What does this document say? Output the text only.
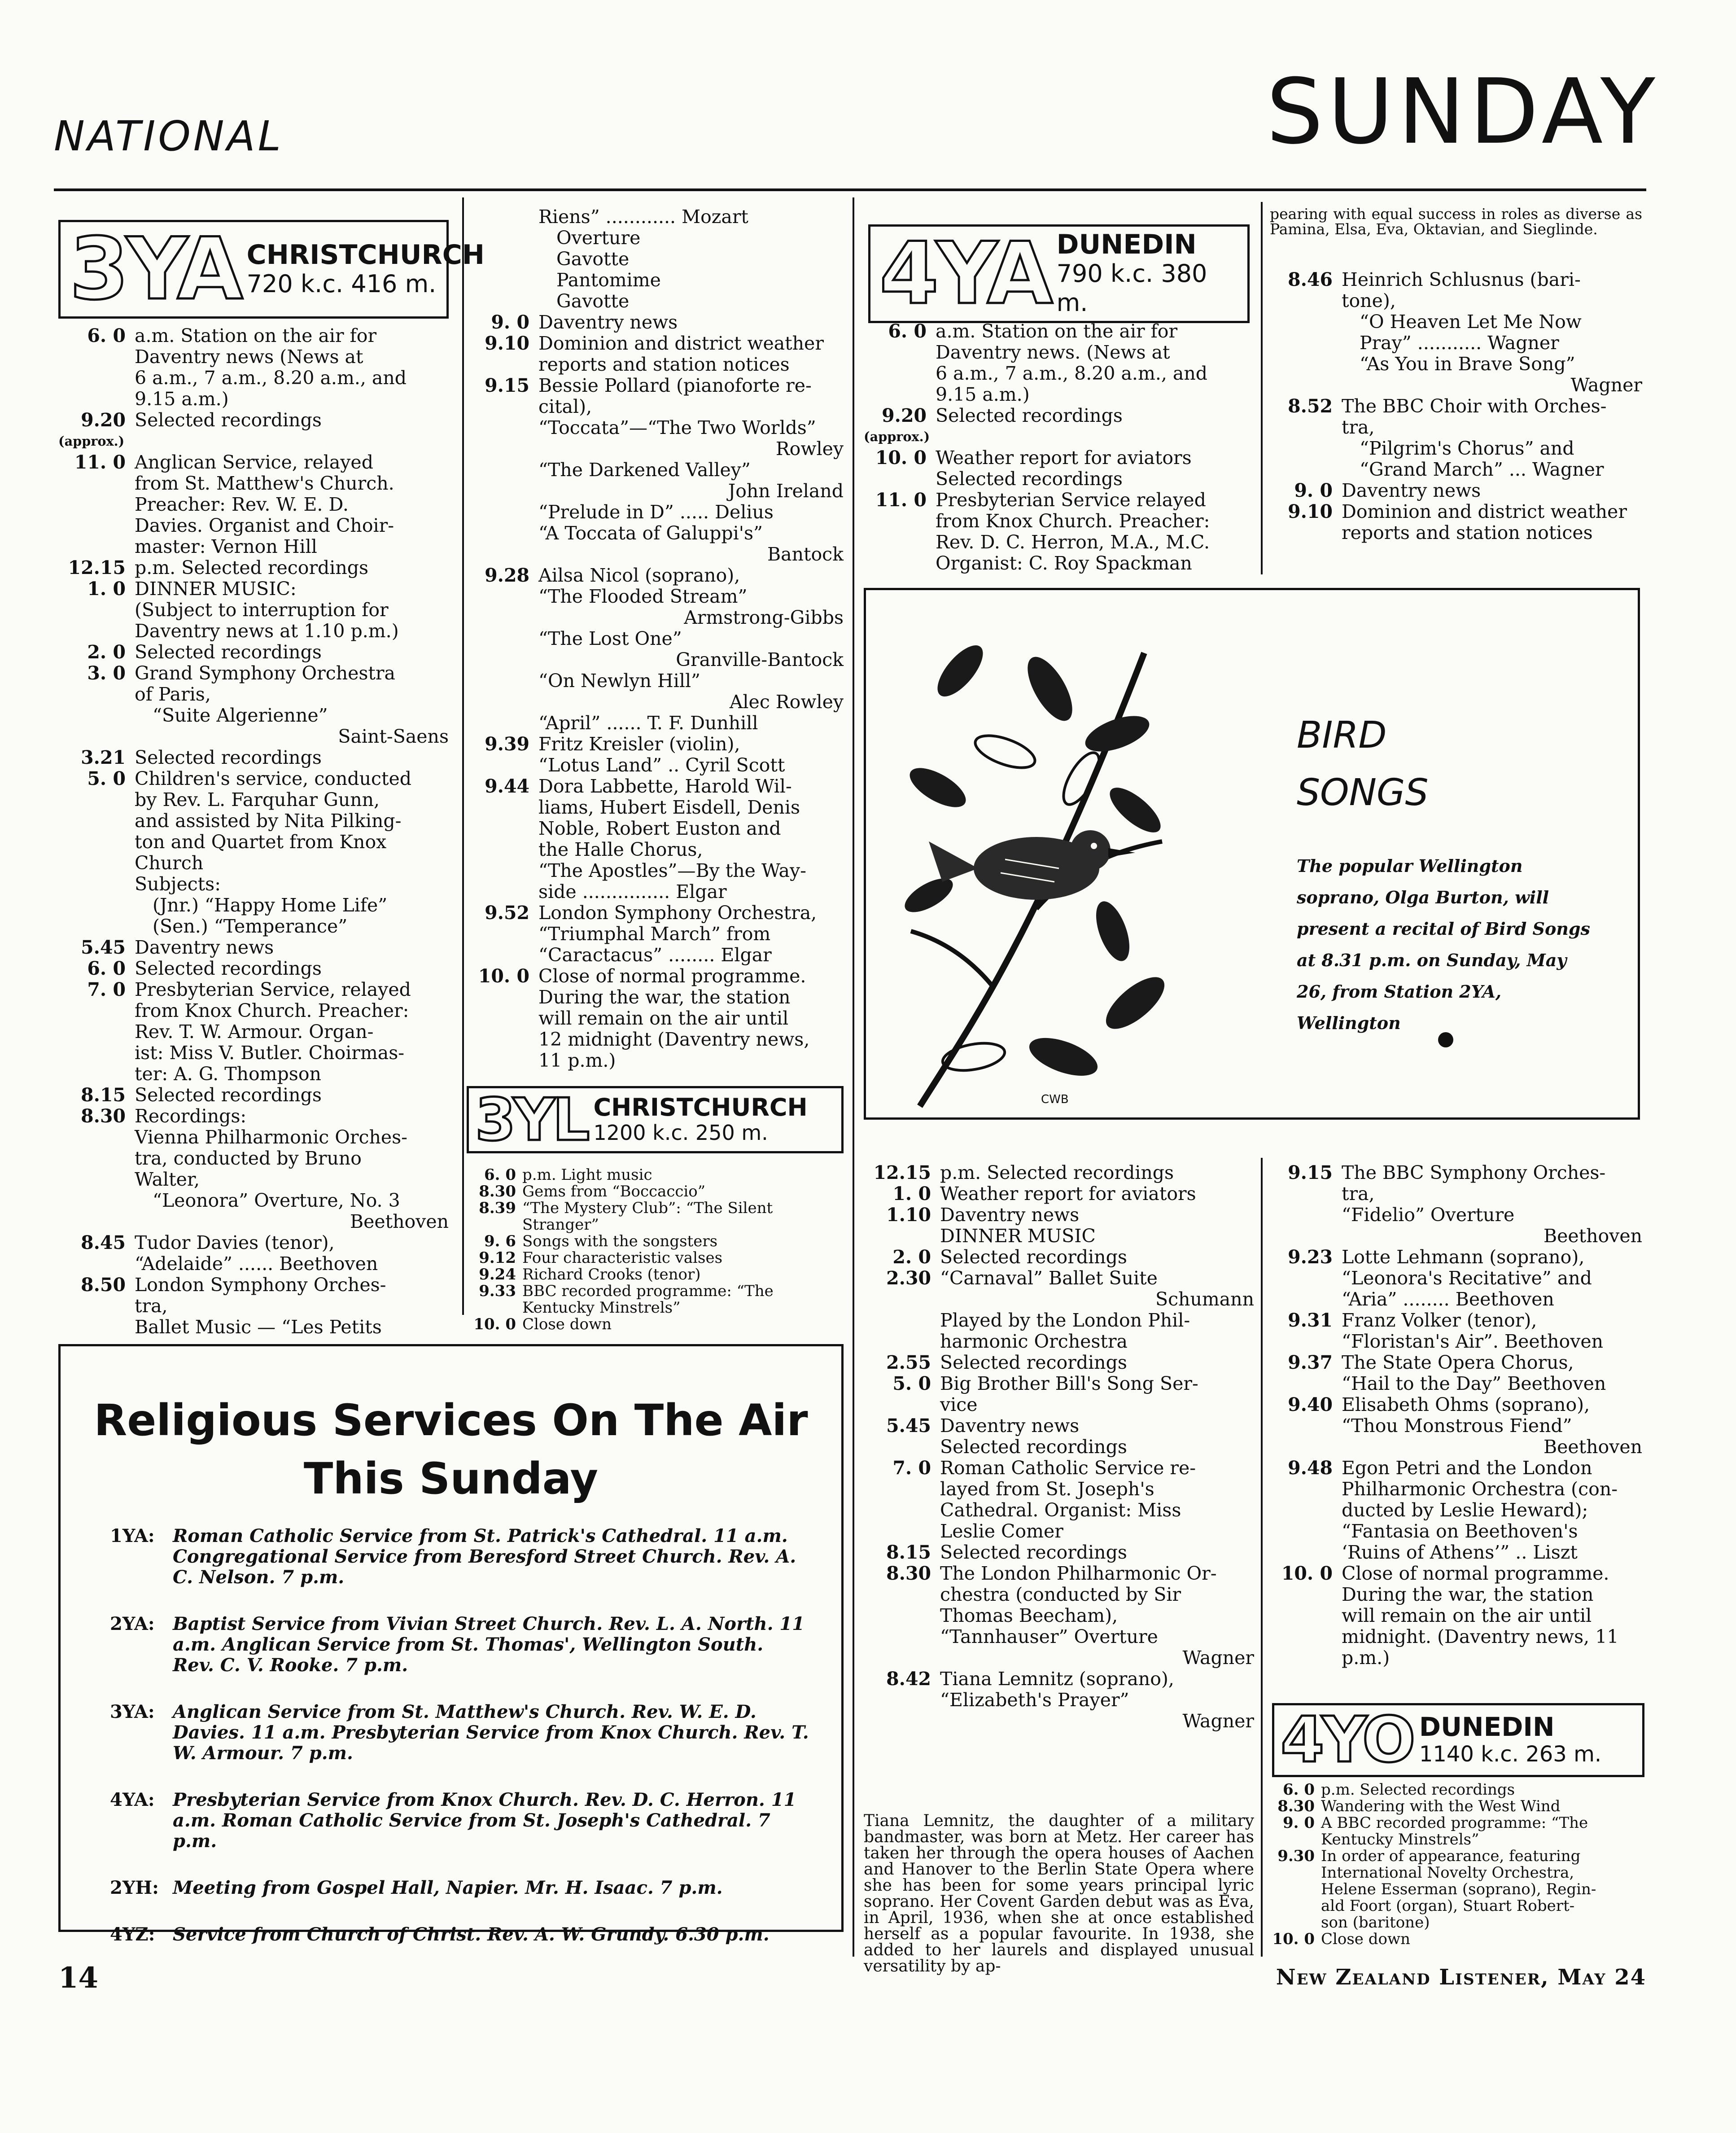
NATIONAL	SUNDAY
3YA CHRISTCHURCH
720 k.c. 416 m.	4YA DUNEDIN
790 k.c. 380 m.
3YL CHRISTCHURCH
1200 k.c. 250 m.
4YO DUNEDIN
1140 k.c. 263 m.
6. 0 a.m. Station on the air for
Daventry news (News at
6 a.m., 7 a.m., 8.20 a.m., and
9.15 a.m.)
9.20 Selected recordings
(approx.)
11. 0 Anglican Service, relayed
from St. Matthew's Church.
Preacher: Rev. W. E. D.
Davies. Organist and Choir-
master: Vernon Hill
12.15 p.m. Selected recordings
1. 0 DINNER MUSIC:
(Subject to interruption for
Daventry news at 1.10 p.m.)
2. 0 Selected recordings
3. 0 Grand Symphony Orchestra
of Paris,
“Suite Algerienne”
Saint-Saens
3.21 Selected recordings
5. 0 Children's service, conducted
by Rev. L. Farquhar Gunn,
and assisted by Nita Pilking-
ton and Quartet from Knox
Church
Subjects:
(Jnr.) “Happy Home Life”
(Sen.) “Temperance”
5.45 Daventry news
6. 0 Selected recordings
7. 0 Presbyterian Service, relayed
from Knox Church. Preacher:
Rev. T. W. Armour. Organ-
ist: Miss V. Butler. Choirmas-
ter: A. G. Thompson
8.15 Selected recordings
8.30 Recordings:
Vienna Philharmonic Orches-
tra, conducted by Bruno
Walter,
“Leonora” Overture, No. 3
Beethoven
8.45 Tudor Davies (tenor),
“Adelaide” ...... Beethoven
8.50 London Symphony Orches-
tra,
Ballet Music — “Les Petits
Riens” ............ Mozart
Overture
Gavotte
Pantomime
Gavotte
9. 0 Daventry news
9.10 Dominion and district weather
reports and station notices
9.15 Bessie Pollard (pianoforte re-
cital),
“Toccata”—“The Two Worlds”
Rowley
“The Darkened Valley”
John Ireland
“Prelude in D” ..... Delius
“A Toccata of Galuppi's”
Bantock
9.28 Ailsa Nicol (soprano),
“The Flooded Stream”
Armstrong-Gibbs
“The Lost One”
Granville-Bantock
“On Newlyn Hill”
Alec Rowley
“April” ...... T. F. Dunhill
9.39 Fritz Kreisler (violin),
“Lotus Land” .. Cyril Scott
9.44 Dora Labbette, Harold Wil-
liams, Hubert Eisdell, Denis
Noble, Robert Euston and
the Halle Chorus,
“The Apostles”—By the Way-
side ............... Elgar
9.52 London Symphony Orchestra,
“Triumphal March” from
“Caractacus” ........ Elgar
10. 0 Close of normal programme.
During the war, the station
will remain on the air until
12 midnight (Daventry news,
11 p.m.)
6. 0 p.m. Light music
8.30 Gems from “Boccaccio”
8.39 “The Mystery Club”: “The Silent
Stranger”
9. 6 Songs with the songsters
9.12 Four characteristic valses
9.24 Richard Crooks (tenor)
9.33 BBC recorded programme: “The
Kentucky Minstrels”
10. 0 Close down
6. 0 a.m. Station on the air for
Daventry news. (News at
6 a.m., 7 a.m., 8.20 a.m., and
9.15 a.m.)
9.20 Selected recordings
(approx.)
10. 0 Weather report for aviators
Selected recordings
11. 0 Presbyterian Service relayed
from Knox Church. Preacher:
Rev. D. C. Herron, M.A., M.C.
Organist: C. Roy Spackman
12.15 p.m. Selected recordings
1. 0 Weather report for aviators
1.10 Daventry news
DINNER MUSIC
2. 0 Selected recordings
2.30 “Carnaval” Ballet Suite
Schumann
Played by the London Phil-
harmonic Orchestra
2.55 Selected recordings
5. 0 Big Brother Bill's Song Ser-
vice
5.45 Daventry news
Selected recordings
7. 0 Roman Catholic Service re-
layed from St. Joseph's
Cathedral. Organist: Miss
Leslie Comer
8.15 Selected recordings
8.30 The London Philharmonic Or-
chestra (conducted by Sir
Thomas Beecham),
“Tannhauser” Overture
Wagner
8.42 Tiana Lemnitz (soprano),
“Elizabeth's Prayer”
Wagner
Tiana Lemnitz, the daughter of a military bandmaster, was born at Metz. Her career has taken her through the opera houses of Aachen and Hanover to the Berlin State Opera where she has been for some years principal lyric soprano. Her Covent Garden debut was as Eva, in April, 1936, when she at once established herself as a popular favourite. In 1938, she added to her laurels and displayed unusual versatility by ap-
pearing with equal success in roles as diverse as Pamina, Elsa, Eva, Oktavian, and Sieglinde.
8.46 Heinrich Schlusnus (bari-
tone),
“O Heaven Let Me Now
Pray” ........... Wagner
“As You in Brave Song”
Wagner
8.52 The BBC Choir with Orches-
tra,
“Pilgrim's Chorus” and
“Grand March” ... Wagner
9. 0 Daventry news
9.10 Dominion and district weather
reports and station notices
9.15 The BBC Symphony Orches-
tra,
“Fidelio” Overture
Beethoven
9.23 Lotte Lehmann (soprano),
“Leonora's Recitative” and
“Aria” ........ Beethoven
9.31 Franz Volker (tenor),
“Floristan's Air”. Beethoven
9.37 The State Opera Chorus,
“Hail to the Day” Beethoven
9.40 Elisabeth Ohms (soprano),
“Thou Monstrous Fiend”
Beethoven
9.48 Egon Petri and the London
Philharmonic Orchestra (con-
ducted by Leslie Heward);
“Fantasia on Beethoven's
‘Ruins of Athens’” .. Liszt
10. 0 Close of normal programme.
During the war, the station
will remain on the air until
midnight. (Daventry news, 11
p.m.)
6. 0 p.m. Selected recordings
8.30 Wandering with the West Wind
9. 0 A BBC recorded programme: “The
Kentucky Minstrels”
9.30 In order of appearance, featuring
International Novelty Orchestra,
Helene Esserman (soprano), Regin-
ald Foort (organ), Stuart Robert-
son (baritone)
10. 0 Close down
CWB
BIRD
SONGS
The popular Wellington soprano, Olga Burton, will present a recital of Bird Songs at 8.31 p.m. on Sunday, May 26, from Station 2YA, Wellington
Religious Services On The Air
This Sunday
1YA:	Roman Catholic Service from St. Patrick's Cathedral. 11 a.m. Congregational Service from Beresford Street Church. Rev. A. C. Nelson. 7 p.m.
2YA:	Baptist Service from Vivian Street Church. Rev. L. A. North. 11 a.m. Anglican Service from St. Thomas', Wellington South. Rev. C. V. Rooke. 7 p.m.
3YA:	Anglican Service from St. Matthew's Church. Rev. W. E. D. Davies. 11 a.m. Presbyterian Service from Knox Church. Rev. T. W. Armour. 7 p.m.
4YA:	Presbyterian Service from Knox Church. Rev. D. C. Herron. 11 a.m. Roman Catholic Service from St. Joseph's Cathedral. 7 p.m.
2YH: Meeting from Gospel Hall, Napier. Mr. H. Isaac. 7 p.m.
4YZ: Service from Church of Christ. Rev. A. W. Grundy. 6.30 p.m.
14	New Zealand Listener, May 24
